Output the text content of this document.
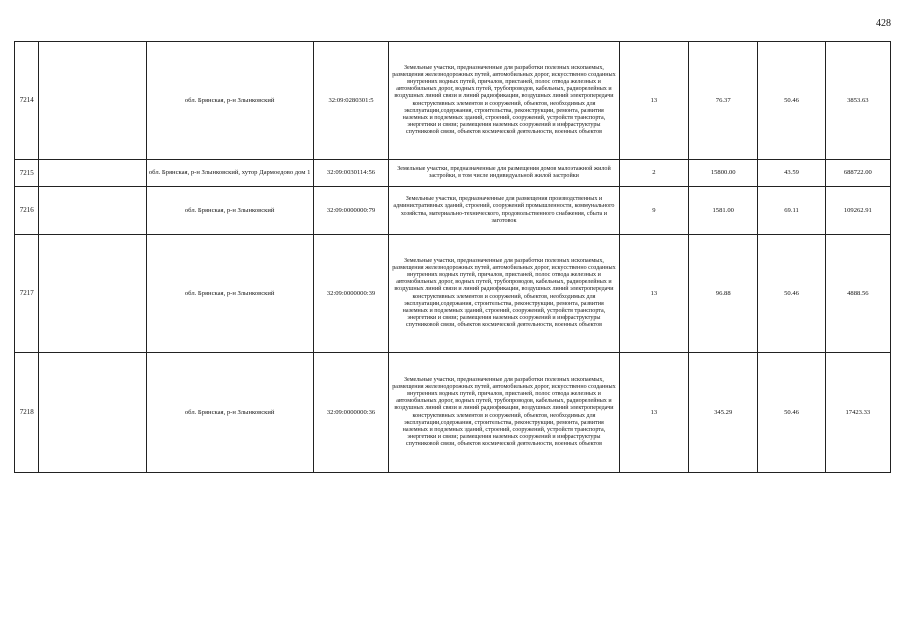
428
7214		обл. Брянская, р-н Злынковский	32:09:0280301:5	Земельные участки, предназначенные для разработки полезных ископаемых, размещения железнодорожных путей, автомобильных дорог, искусственно созданных внутренних водных путей, причалов, пристаней, полос отвода железных и автомобильных дорог, водных путей, трубопроводов, кабельных, радиорелейных и воздушных линий связи и линий радиофикации, воздушных линий электропередачи конструктивных элементов и сооружений, объектов, необходимых для эксплуатации,содержания, строительства, реконструкции, ремонта, развития наземных и подземных зданий, строений, сооружений, устройств транспорта, энергетики и связи; размещения наземных сооружений и инфраструктуры спутниковой связи, объектов космической деятельности, военных объектов	13	76.37	50.46	3853.63
7215		обл. Брянская, р-н Злынковский, хутор Дармоедово дом 1	32:09:0030114:56	Земельные участки, предназначенные для размещения домов малоэтажной жилой застройки, в том числе индивидуальной жилой застройки	2	15800.00	43.59	688722.00
7216		обл. Брянская, р-н Злынковский	32:09:0000000:79	Земельные участки, предназначенные для размещения производственных и административных зданий, строений, сооружений промышленности, коммунального хозяйства, материально-технического, продовольственного снабжения, сбыта и заготовок	9	1581.00	69.11	109262.91
7217		обл. Брянская, р-н Злынковский	32:09:0000000:39	Земельные участки, предназначенные для разработки полезных ископаемых, размещения железнодорожных путей, автомобильных дорог, искусственно созданных внутренних водных путей, причалов, пристаней, полос отвода железных и автомобильных дорог, водных путей, трубопроводов, кабельных, радиорелейных и воздушных линий связи и линий радиофикации, воздушных линий электропередачи конструктивных элементов и сооружений, объектов, необходимых для эксплуатации,содержания, строительства, реконструкции, ремонта, развития наземных и подземных зданий, строений, сооружений, устройств транспорта, энергетики и связи; размещения наземных сооружений и инфраструктуры спутниковой связи, объектов космической деятельности, военных объектов	13	96.88	50.46	4888.56
7218		обл. Брянская, р-н Злынковский	32:09:0000000:36	Земельные участки, предназначенные для разработки полезных ископаемых, размещения железнодорожных путей, автомобильных дорог, искусственно созданных внутренних водных путей, причалов, пристаней, полос отвода железных и автомобильных дорог, водных путей, трубопроводов, кабельных, радиорелейных и воздушных линий связи и линий радиофикации, воздушных линий электропередачи конструктивных элементов и сооружений, объектов, необходимых для эксплуатации,содержания, строительства, реконструкции, ремонта, развития наземных и подземных зданий, строений, сооружений, устройств транспорта, энергетики и связи; размещения наземных сооружений и инфраструктуры спутниковой связи, объектов космической деятельности, военных объектов	13	345.29	50.46	17423.33
